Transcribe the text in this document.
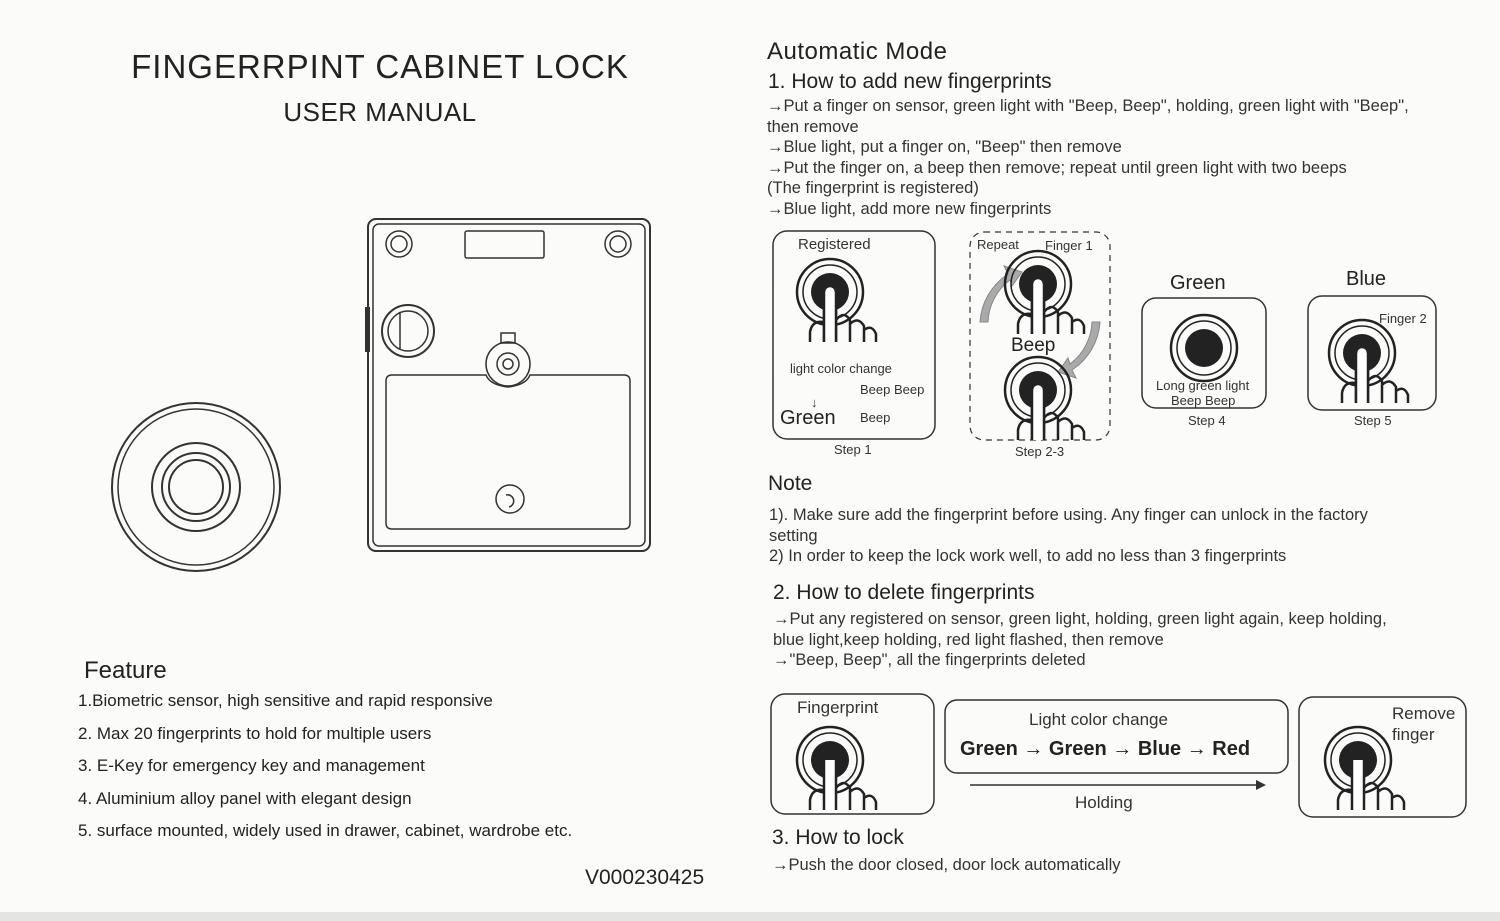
FINGERRPINT CABINET LOCK
USER MANUAL
Feature
1.Biometric sensor, high sensitive and rapid responsive
2. Max 20 fingerprints to hold for multiple users
3. E-Key for emergency key and management
4. Aluminium alloy panel with elegant design
5. surface mounted, widely used in drawer, cabinet, wardrobe etc.
V000230425
Automatic Mode
1. How to add new fingerprints
→Put a finger on sensor, green light with "Beep, Beep", holding, green light with "Beep",
then remove
→Blue light, put a finger on, "Beep" then remove
→Put the finger on, a beep then remove; repeat until green light with two beeps
(The fingerprint is registered)
→Blue light, add more new fingerprints
Registered
light color change
Beep Beep
↓
Green Beep
Step 1
Repeat Finger 1
Beep
Step 2-3
Green
Long green light
Beep Beep
Step 4
Blue
Finger 2
Step 5
Note
1). Make sure add the fingerprint before using. Any finger can unlock in the factory
setting
2) In order to keep the lock work well, to add no less than 3 fingerprints
2. How to delete fingerprints
→Put any registered on sensor, green light, holding, green light again, keep holding,
blue light,keep holding, red light flashed, then remove
→"Beep, Beep", all the fingerprints deleted
Fingerprint
Light color change
Green → Green → Blue → Red
Holding
Remove
finger
3. How to lock
→Push the door closed, door lock automatically
